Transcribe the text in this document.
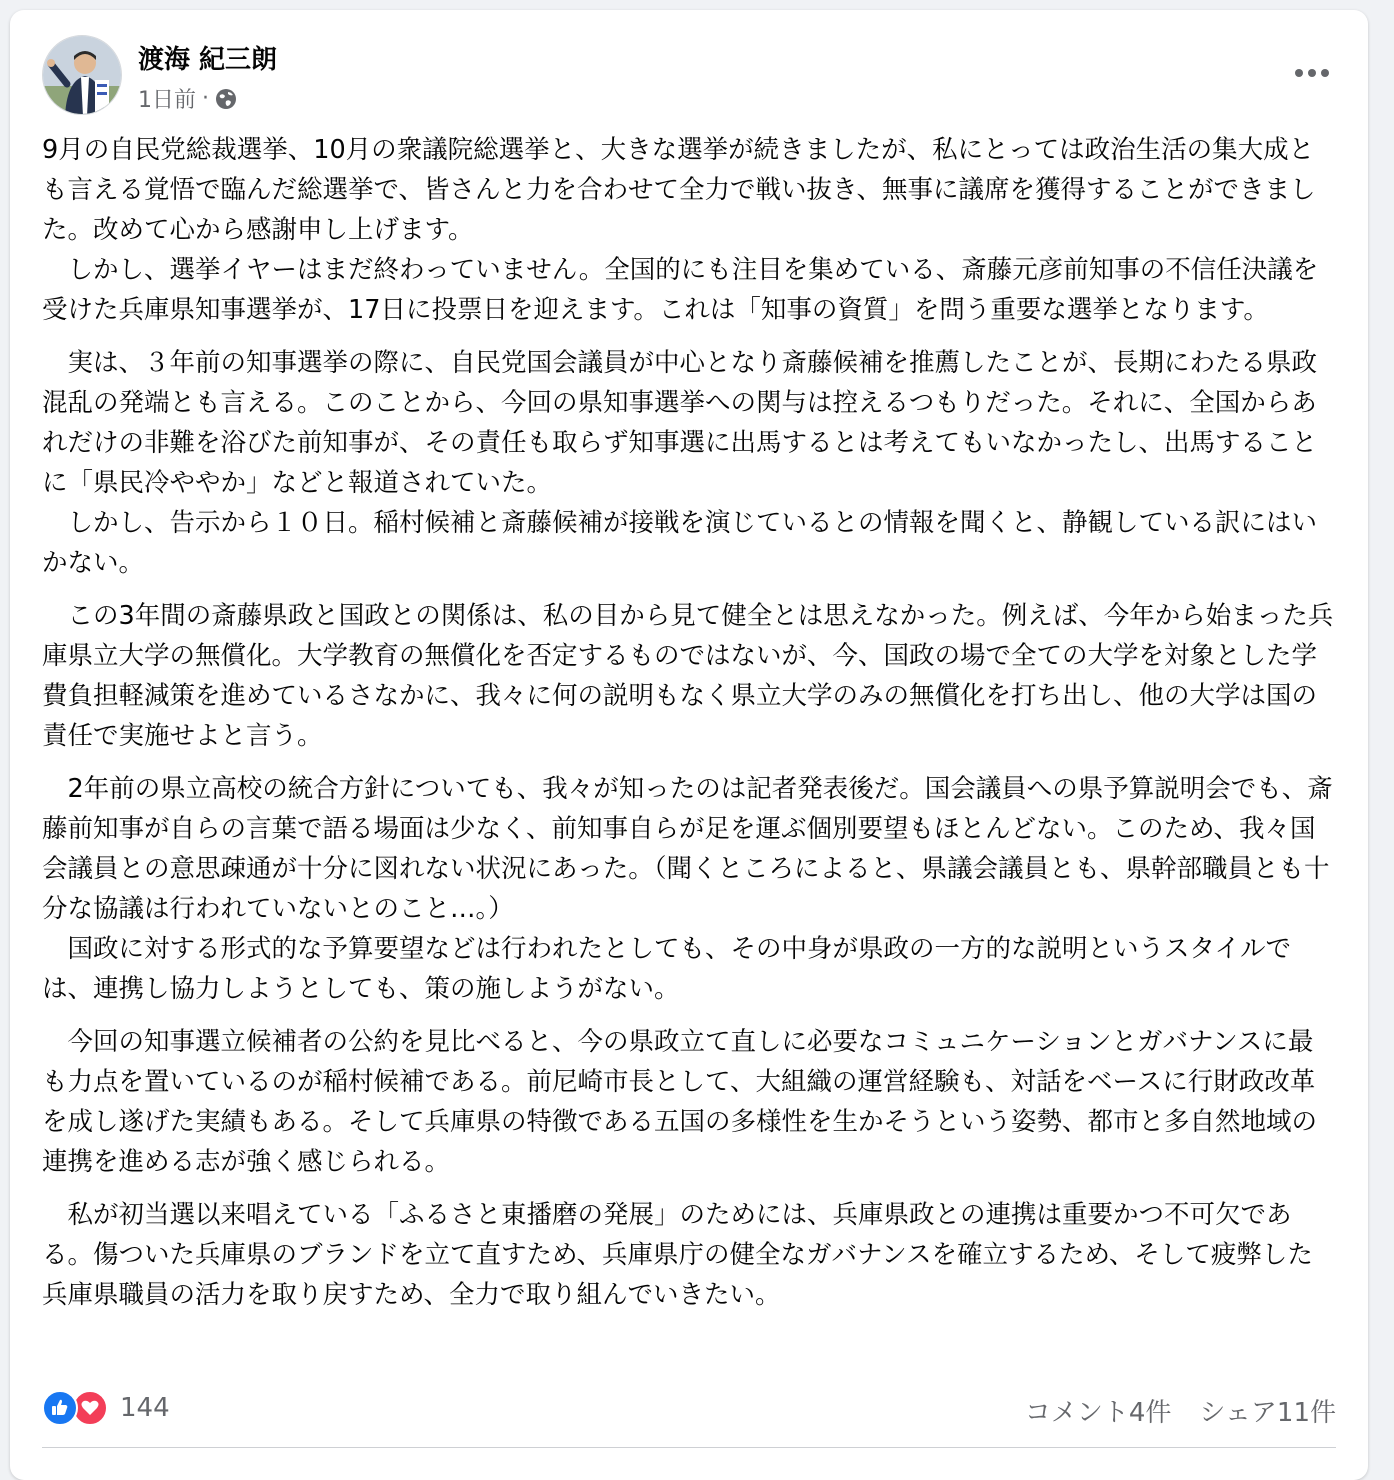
渡海 紀三朗
1日前 ·

9月の自民党総裁選挙、10月の衆議院総選挙と、大きな選挙が続きましたが、私にとっては政治生活の集大成とも言える覚悟で臨んだ総選挙で、皆さんと力を合わせて全力で戦い抜き、無事に議席を獲得することができました。改めて心から感謝申し上げます。
　しかし、選挙イヤーはまだ終わっていません。全国的にも注目を集めている、斎藤元彦前知事の不信任決議を受けた兵庫県知事選挙が、17日に投票日を迎えます。これは「知事の資質」を問う重要な選挙となります。

　実は、３年前の知事選挙の際に、自民党国会議員が中心となり斎藤候補を推薦したことが、長期にわたる県政混乱の発端とも言える。このことから、今回の県知事選挙への関与は控えるつもりだった。それに、全国からあれだけの非難を浴びた前知事が、その責任も取らず知事選に出馬するとは考えてもいなかったし、出馬することに「県民冷ややか」などと報道されていた。
　しかし、告示から１０日。稲村候補と斎藤候補が接戦を演じているとの情報を聞くと、静観している訳にはいかない。

　この3年間の斎藤県政と国政との関係は、私の目から見て健全とは思えなかった。例えば、今年から始まった兵庫県立大学の無償化。大学教育の無償化を否定するものではないが、今、国政の場で全ての大学を対象とした学費負担軽減策を進めているさなかに、我々に何の説明もなく県立大学のみの無償化を打ち出し、他の大学は国の責任で実施せよと言う。

　2年前の県立高校の統合方針についても、我々が知ったのは記者発表後だ。国会議員への県予算説明会でも、斎藤前知事が自らの言葉で語る場面は少なく、前知事自らが足を運ぶ個別要望もほとんどない。このため、我々国会議員との意思疎通が十分に図れない状況にあった。（聞くところによると、県議会議員とも、県幹部職員とも十分な協議は行われていないとのこと…。）
　国政に対する形式的な予算要望などは行われたとしても、その中身が県政の一方的な説明というスタイルでは、連携し協力しようとしても、策の施しようがない。

　今回の知事選立候補者の公約を見比べると、今の県政立て直しに必要なコミュニケーションとガバナンスに最も力点を置いているのが稲村候補である。前尼崎市長として、大組織の運営経験も、対話をベースに行財政改革を成し遂げた実績もある。そして兵庫県の特徴である五国の多様性を生かそうという姿勢、都市と多自然地域の連携を進める志が強く感じられる。

　私が初当選以来唱えている「ふるさと東播磨の発展」のためには、兵庫県政との連携は重要かつ不可欠である。傷ついた兵庫県のブランドを立て直すため、兵庫県庁の健全なガバナンスを確立するため、そして疲弊した兵庫県職員の活力を取り戻すため、全力で取り組んでいきたい。

144	コメント4件 シェア11件
